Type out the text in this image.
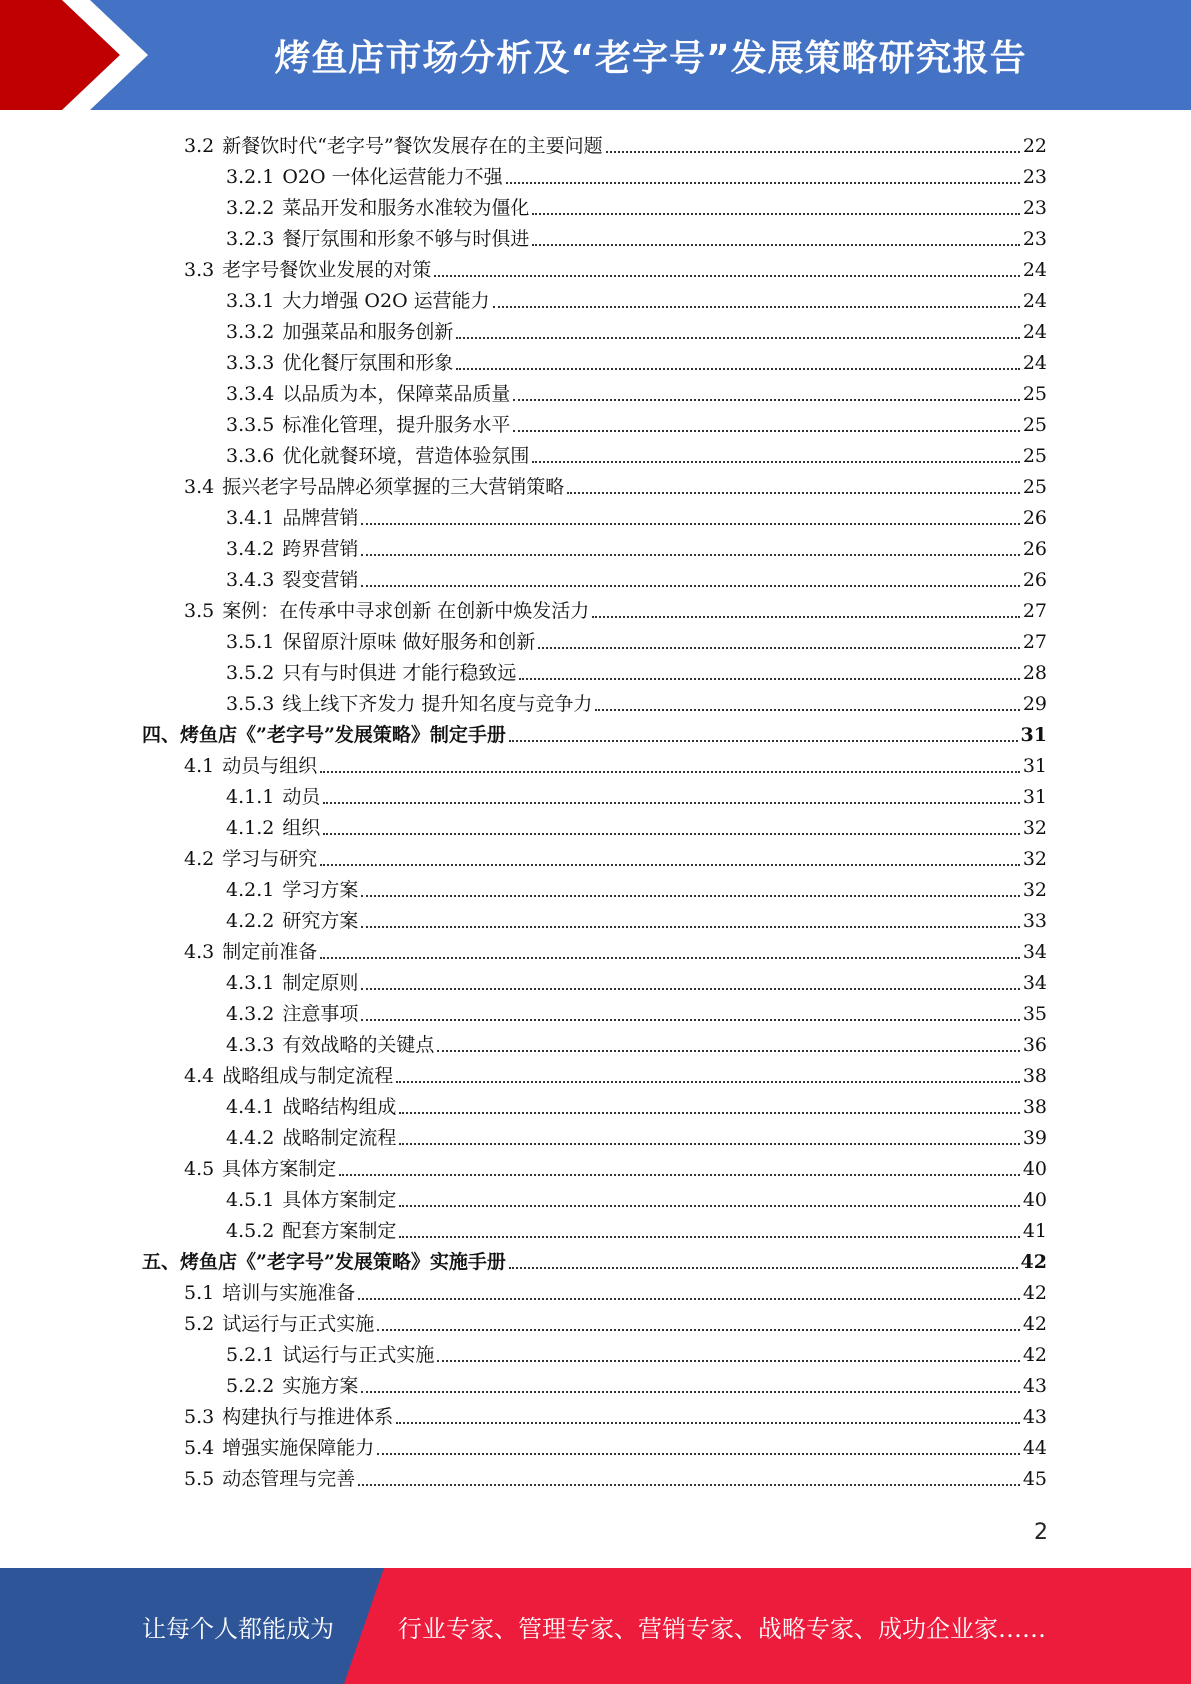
烤鱼店市场分析及“老字号”发展策略研究报告
3.2 新餐饮时代“老字号”餐饮发展存在的主要问题	22
3.2.1 O2O 一体化运营能力不强	23
3.2.2 菜品开发和服务水准较为僵化	23
3.2.3 餐厅氛围和形象不够与时俱进	23
3.3 老字号餐饮业发展的对策	24
3.3.1 大力增强 O2O 运营能力	24
3.3.2 加强菜品和服务创新	24
3.3.3 优化餐厅氛围和形象	24
3.3.4 以品质为本，保障菜品质量	25
3.3.5 标准化管理，提升服务水平	25
3.3.6 优化就餐环境，营造体验氛围	25
3.4 振兴老字号品牌必须掌握的三大营销策略	25
3.4.1 品牌营销	26
3.4.2 跨界营销	26
3.4.3 裂变营销	26
3.5 案例：在传承中寻求创新 在创新中焕发活力	27
3.5.1 保留原汁原味 做好服务和创新	27
3.5.2 只有与时俱进 才能行稳致远	28
3.5.3 线上线下齐发力 提升知名度与竞争力	29
四、 烤鱼店《”老字号”发展策略》制定手册	31
4.1 动员与组织	31
4.1.1 动员	31
4.1.2 组织	32
4.2 学习与研究	32
4.2.1 学习方案	32
4.2.2 研究方案	33
4.3 制定前准备	34
4.3.1 制定原则	34
4.3.2 注意事项	35
4.3.3 有效战略的关键点	36
4.4 战略组成与制定流程	38
4.4.1 战略结构组成	38
4.4.2 战略制定流程	39
4.5 具体方案制定	40
4.5.1 具体方案制定	40
4.5.2 配套方案制定	41
五、 烤鱼店《”老字号”发展策略》实施手册	42
5.1 培训与实施准备	42
5.2 试运行与正式实施	42
5.2.1 试运行与正式实施	42
5.2.2 实施方案	43
5.3 构建执行与推进体系	43
5.4 增强实施保障能力	44
5.5 动态管理与完善	45
2
让每个人都能成为	行业专家、管理专家、营销专家、战略专家、成功企业家……
